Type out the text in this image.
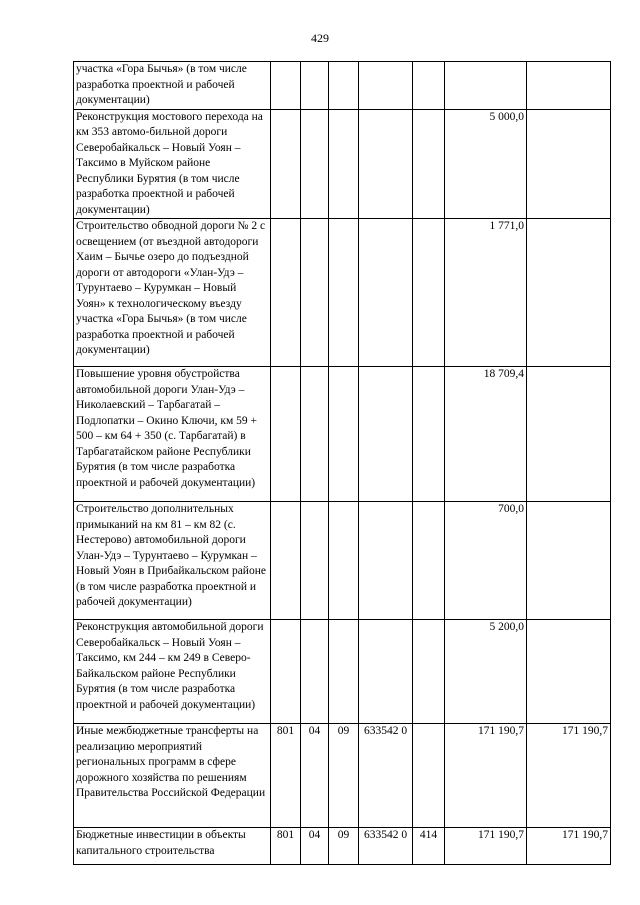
429
участка «Гора Бычья» (в том числе разработка проектной и рабочей документации)							
Реконструкция мостового перехода на км 353 автомо-бильной дороги Северобайкальск – Новый Уоян – Таксимо в Муйском районе Республики Бурятия (в том числе разработка проектной и рабочей документации)						5 000,0	
Строительство обводной дороги № 2 с освещением (от въездной автодороги Хаим – Бычье озеро до подъездной дороги от автодороги «Улан-Удэ – Турунтаево – Курумкан – Новый Уоян» к технологическому въезду участка «Гора Бычья» (в том числе разработка проектной и рабочей документации)						1 771,0	
Повышение уровня обустройства автомобильной дороги Улан-Удэ – Николаевский – Тарбагатай – Подлопатки – Окино Ключи, км 59 + 500 – км 64 + 350 (с. Тарбагатай) в Тарбагатайском районе Республики Бурятия (в том числе разработка проектной и рабочей документации)						18 709,4	
Строительство дополнительных примыканий на км 81 – км 82 (с. Нестерово) автомобильной дороги Улан-Удэ – Турунтаево – Курумкан – Новый Уоян в Прибайкальском районе (в том числе разработка проектной и рабочей документации)						700,0	
Реконструкция автомобильной дороги Северобайкальск – Новый Уоян – Таксимо, км 244 – км 249 в Северо-Байкальском районе Республики Бурятия (в том числе разработка проектной и рабочей документации)						5 200,0	
Иные межбюджетные трансферты на реализацию мероприятий региональных программ в сфере дорожного хозяйства по решениям Правительства Российской Федерации	801	04	09	633542 0		171 190,7	171 190,7
Бюджетные инвестиции в объекты капитального строительства	801	04	09	633542 0	414	171 190,7	171 190,7
